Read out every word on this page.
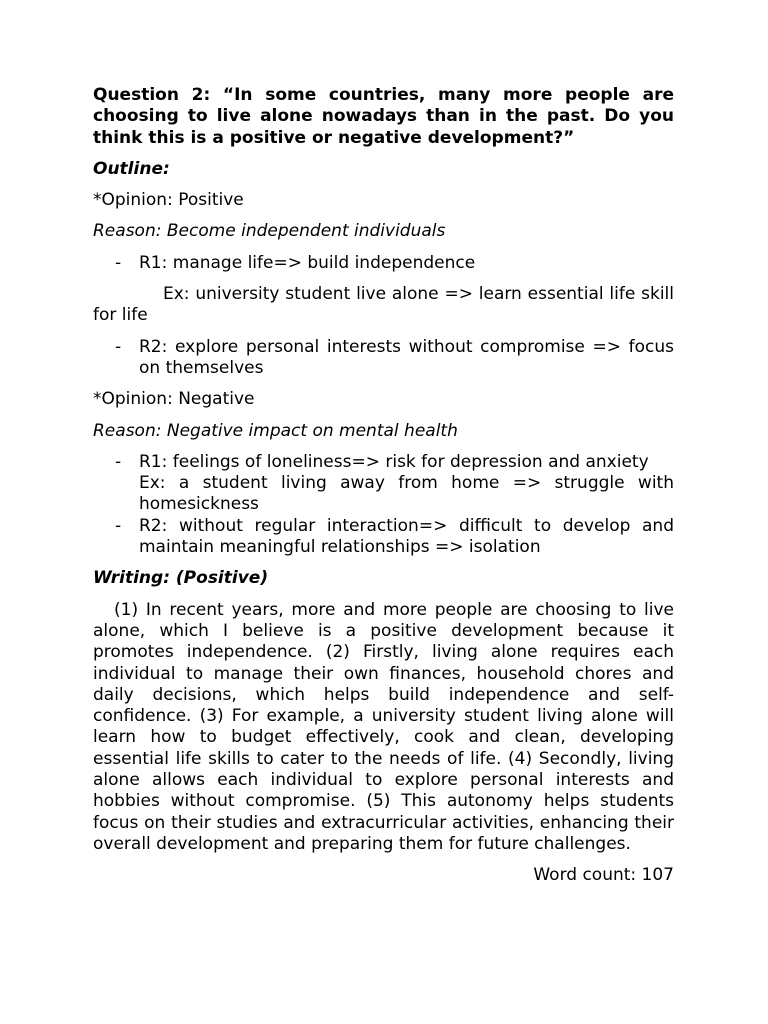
Question 2: “In some countries, many more people are choosing to live alone nowadays than in the past. Do you think this is a positive or negative development?”

Outline:

*Opinion: Positive

Reason: Become independent individuals

- R1: manage life=> build independence

Ex: university student live alone => learn essential life skill for life

- R2: explore personal interests without compromise => focus on themselves

*Opinion: Negative

Reason: Negative impact on mental health

- R1: feelings of loneliness=> risk for depression and anxiety

Ex: a student living away from home => struggle with homesickness

- R2: without regular interaction=> difficult to develop and maintain meaningful relationships => isolation

Writing: (Positive)

(1) In recent years, more and more people are choosing to live alone, which I believe is a positive development because it promotes independence. (2) Firstly, living alone requires each individual to manage their own finances, household chores and daily decisions, which helps build independence and self-confidence. (3) For example, a university student living alone will learn how to budget effectively, cook and clean, developing essential life skills to cater to the needs of life. (4) Secondly, living alone allows each individual to explore personal interests and hobbies without compromise. (5) This autonomy helps students focus on their studies and extracurricular activities, enhancing their overall development and preparing them for future challenges.

Word count: 107
